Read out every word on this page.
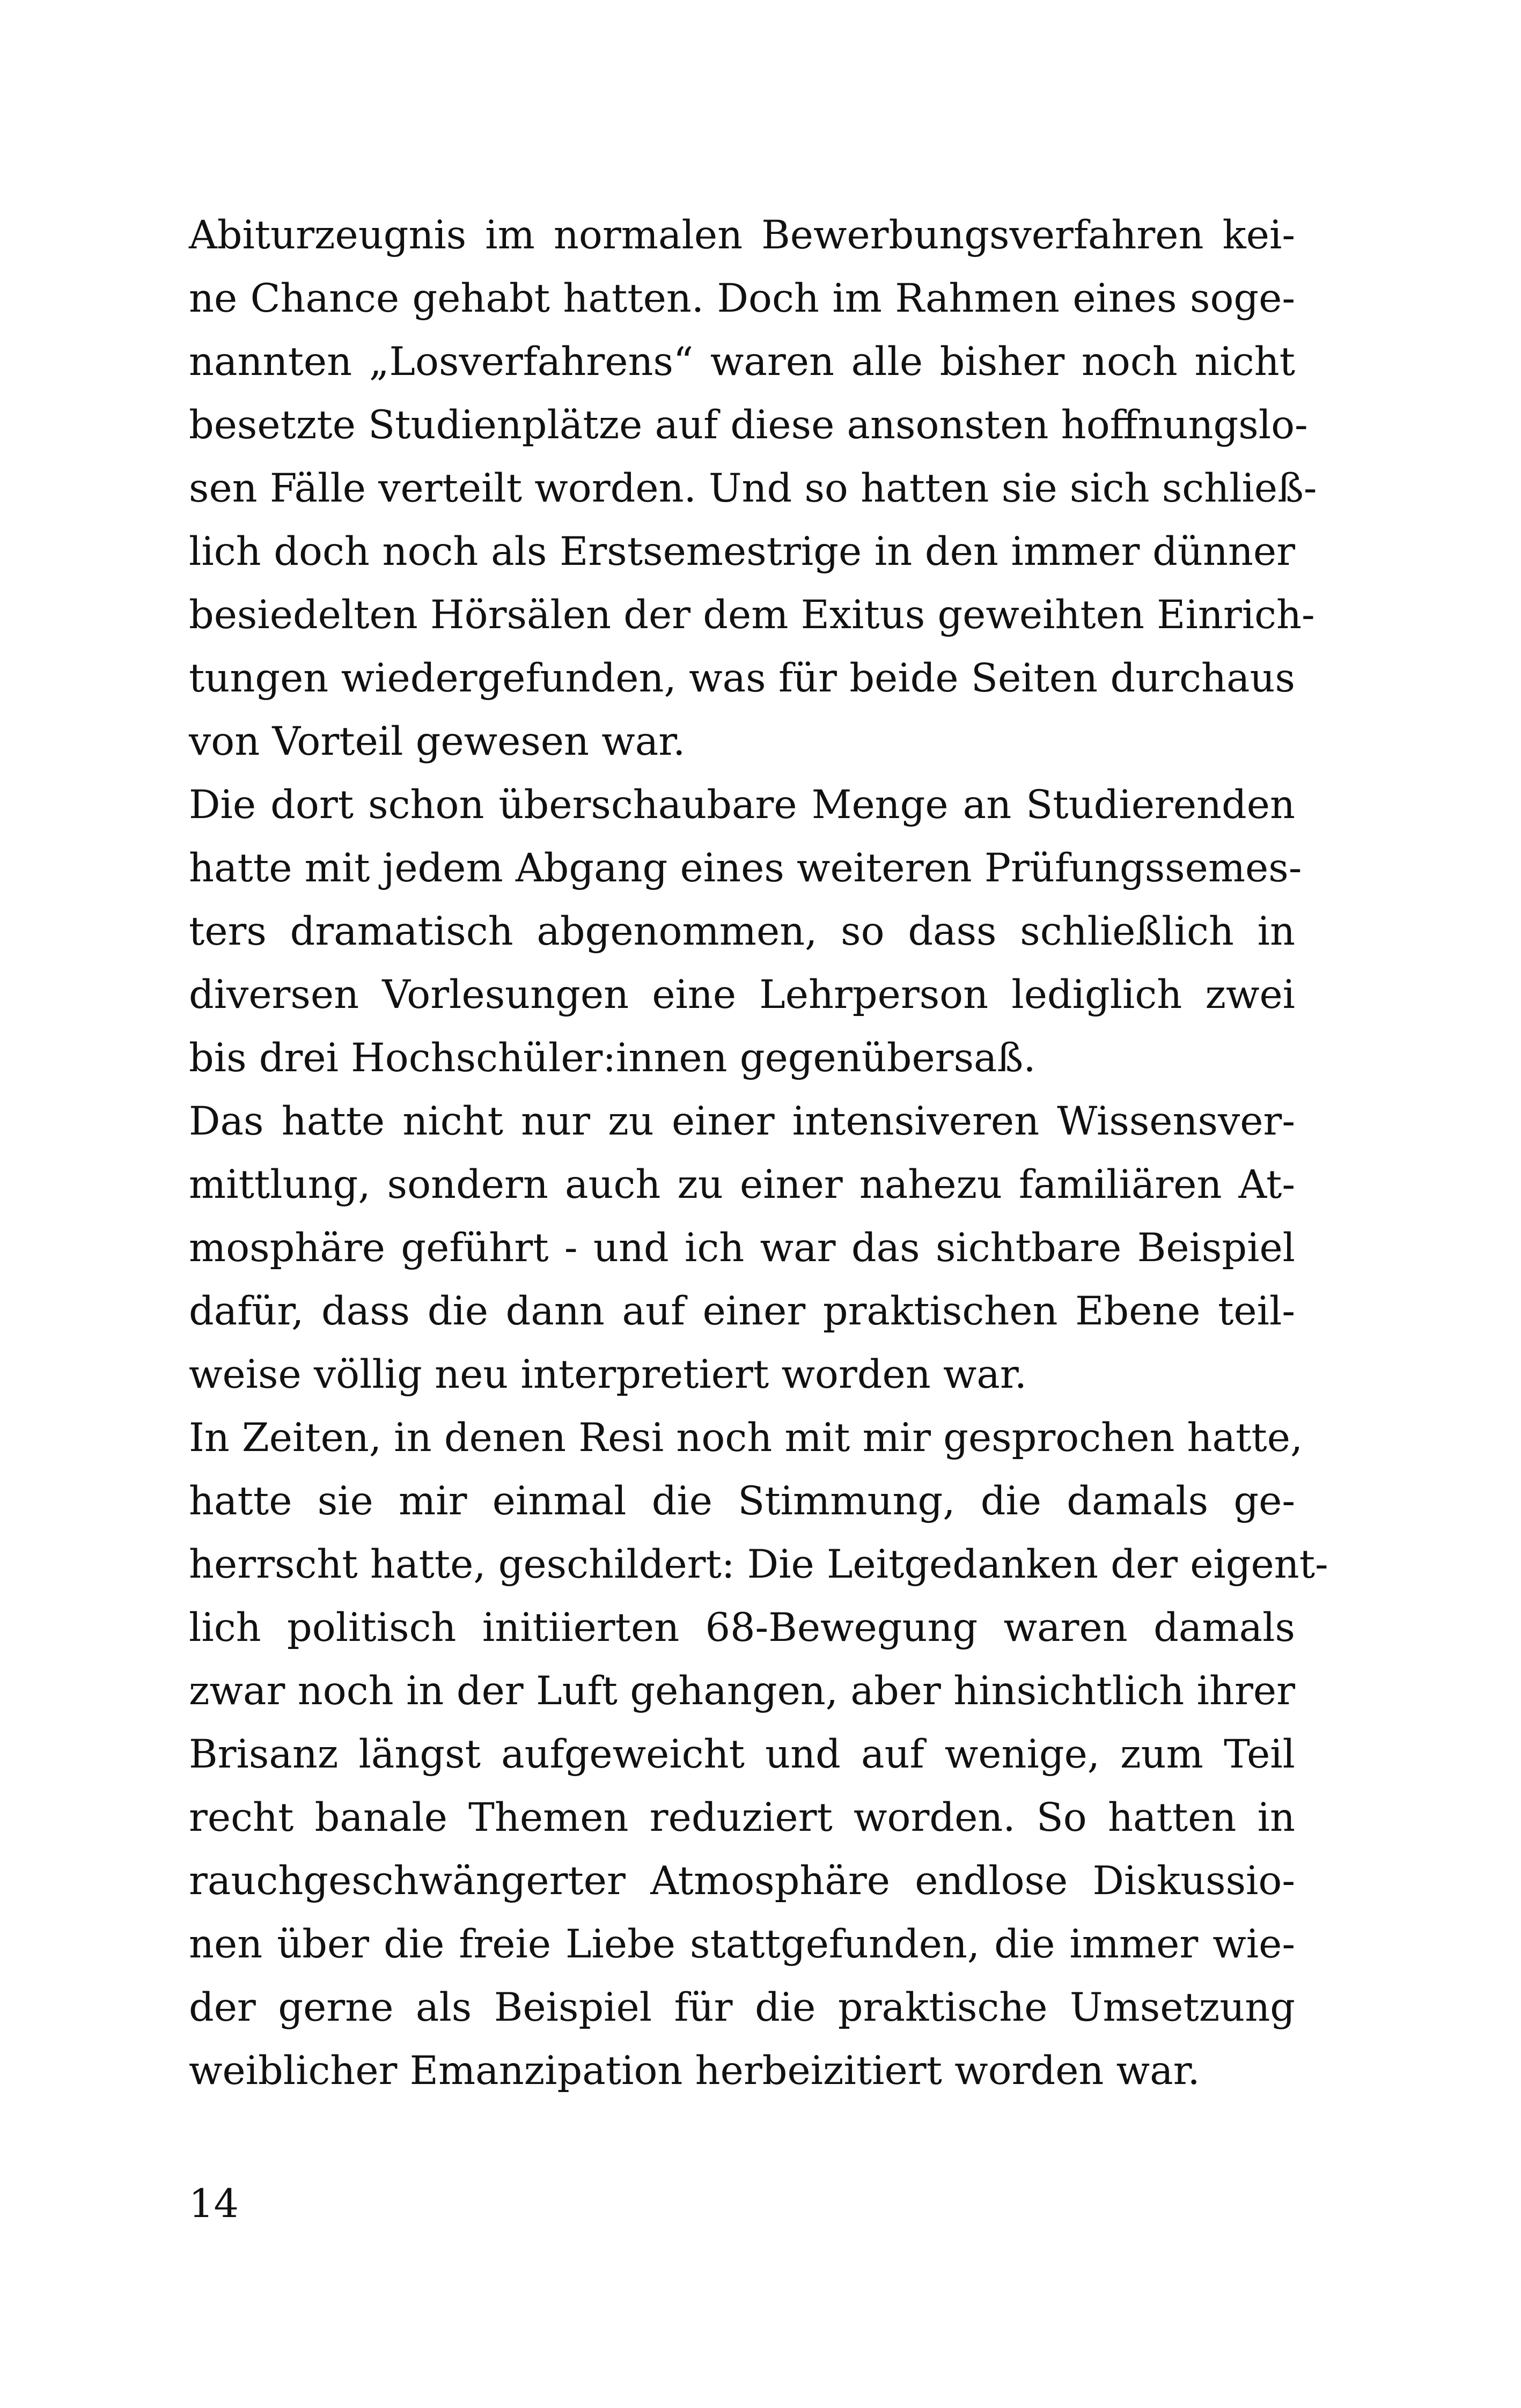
Abiturzeugnis im normalen Bewerbungsverfahren kei-
ne Chance gehabt hatten. Doch im Rahmen eines soge-
nannten „Losverfahrens“ waren alle bisher noch nicht
besetzte Studienplätze auf diese ansonsten hoffnungslo-
sen Fälle verteilt worden. Und so hatten sie sich schließ-
lich doch noch als Erstsemestrige in den immer dünner
besiedelten Hörsälen der dem Exitus geweihten Einrich-
tungen wiedergefunden, was für beide Seiten durchaus
von Vorteil gewesen war.
Die dort schon überschaubare Menge an Studierenden
hatte mit jedem Abgang eines weiteren Prüfungssemes-
ters dramatisch abgenommen, so dass schließlich in
diversen Vorlesungen eine Lehrperson lediglich zwei
bis drei Hochschüler:innen gegenübersaß.
Das hatte nicht nur zu einer intensiveren Wissensver-
mittlung, sondern auch zu einer nahezu familiären At-
mosphäre geführt - und ich war das sichtbare Beispiel
dafür, dass die dann auf einer praktischen Ebene teil-
weise völlig neu interpretiert worden war.
In Zeiten, in denen Resi noch mit mir gesprochen hatte,
hatte sie mir einmal die Stimmung, die damals ge-
herrscht hatte, geschildert: Die Leitgedanken der eigent-
lich politisch initiierten 68-Bewegung waren damals
zwar noch in der Luft gehangen, aber hinsichtlich ihrer
Brisanz längst aufgeweicht und auf wenige, zum Teil
recht banale Themen reduziert worden. So hatten in
rauchgeschwängerter Atmosphäre endlose Diskussio-
nen über die freie Liebe stattgefunden, die immer wie-
der gerne als Beispiel für die praktische Umsetzung
weiblicher Emanzipation herbeizitiert worden war.
14
